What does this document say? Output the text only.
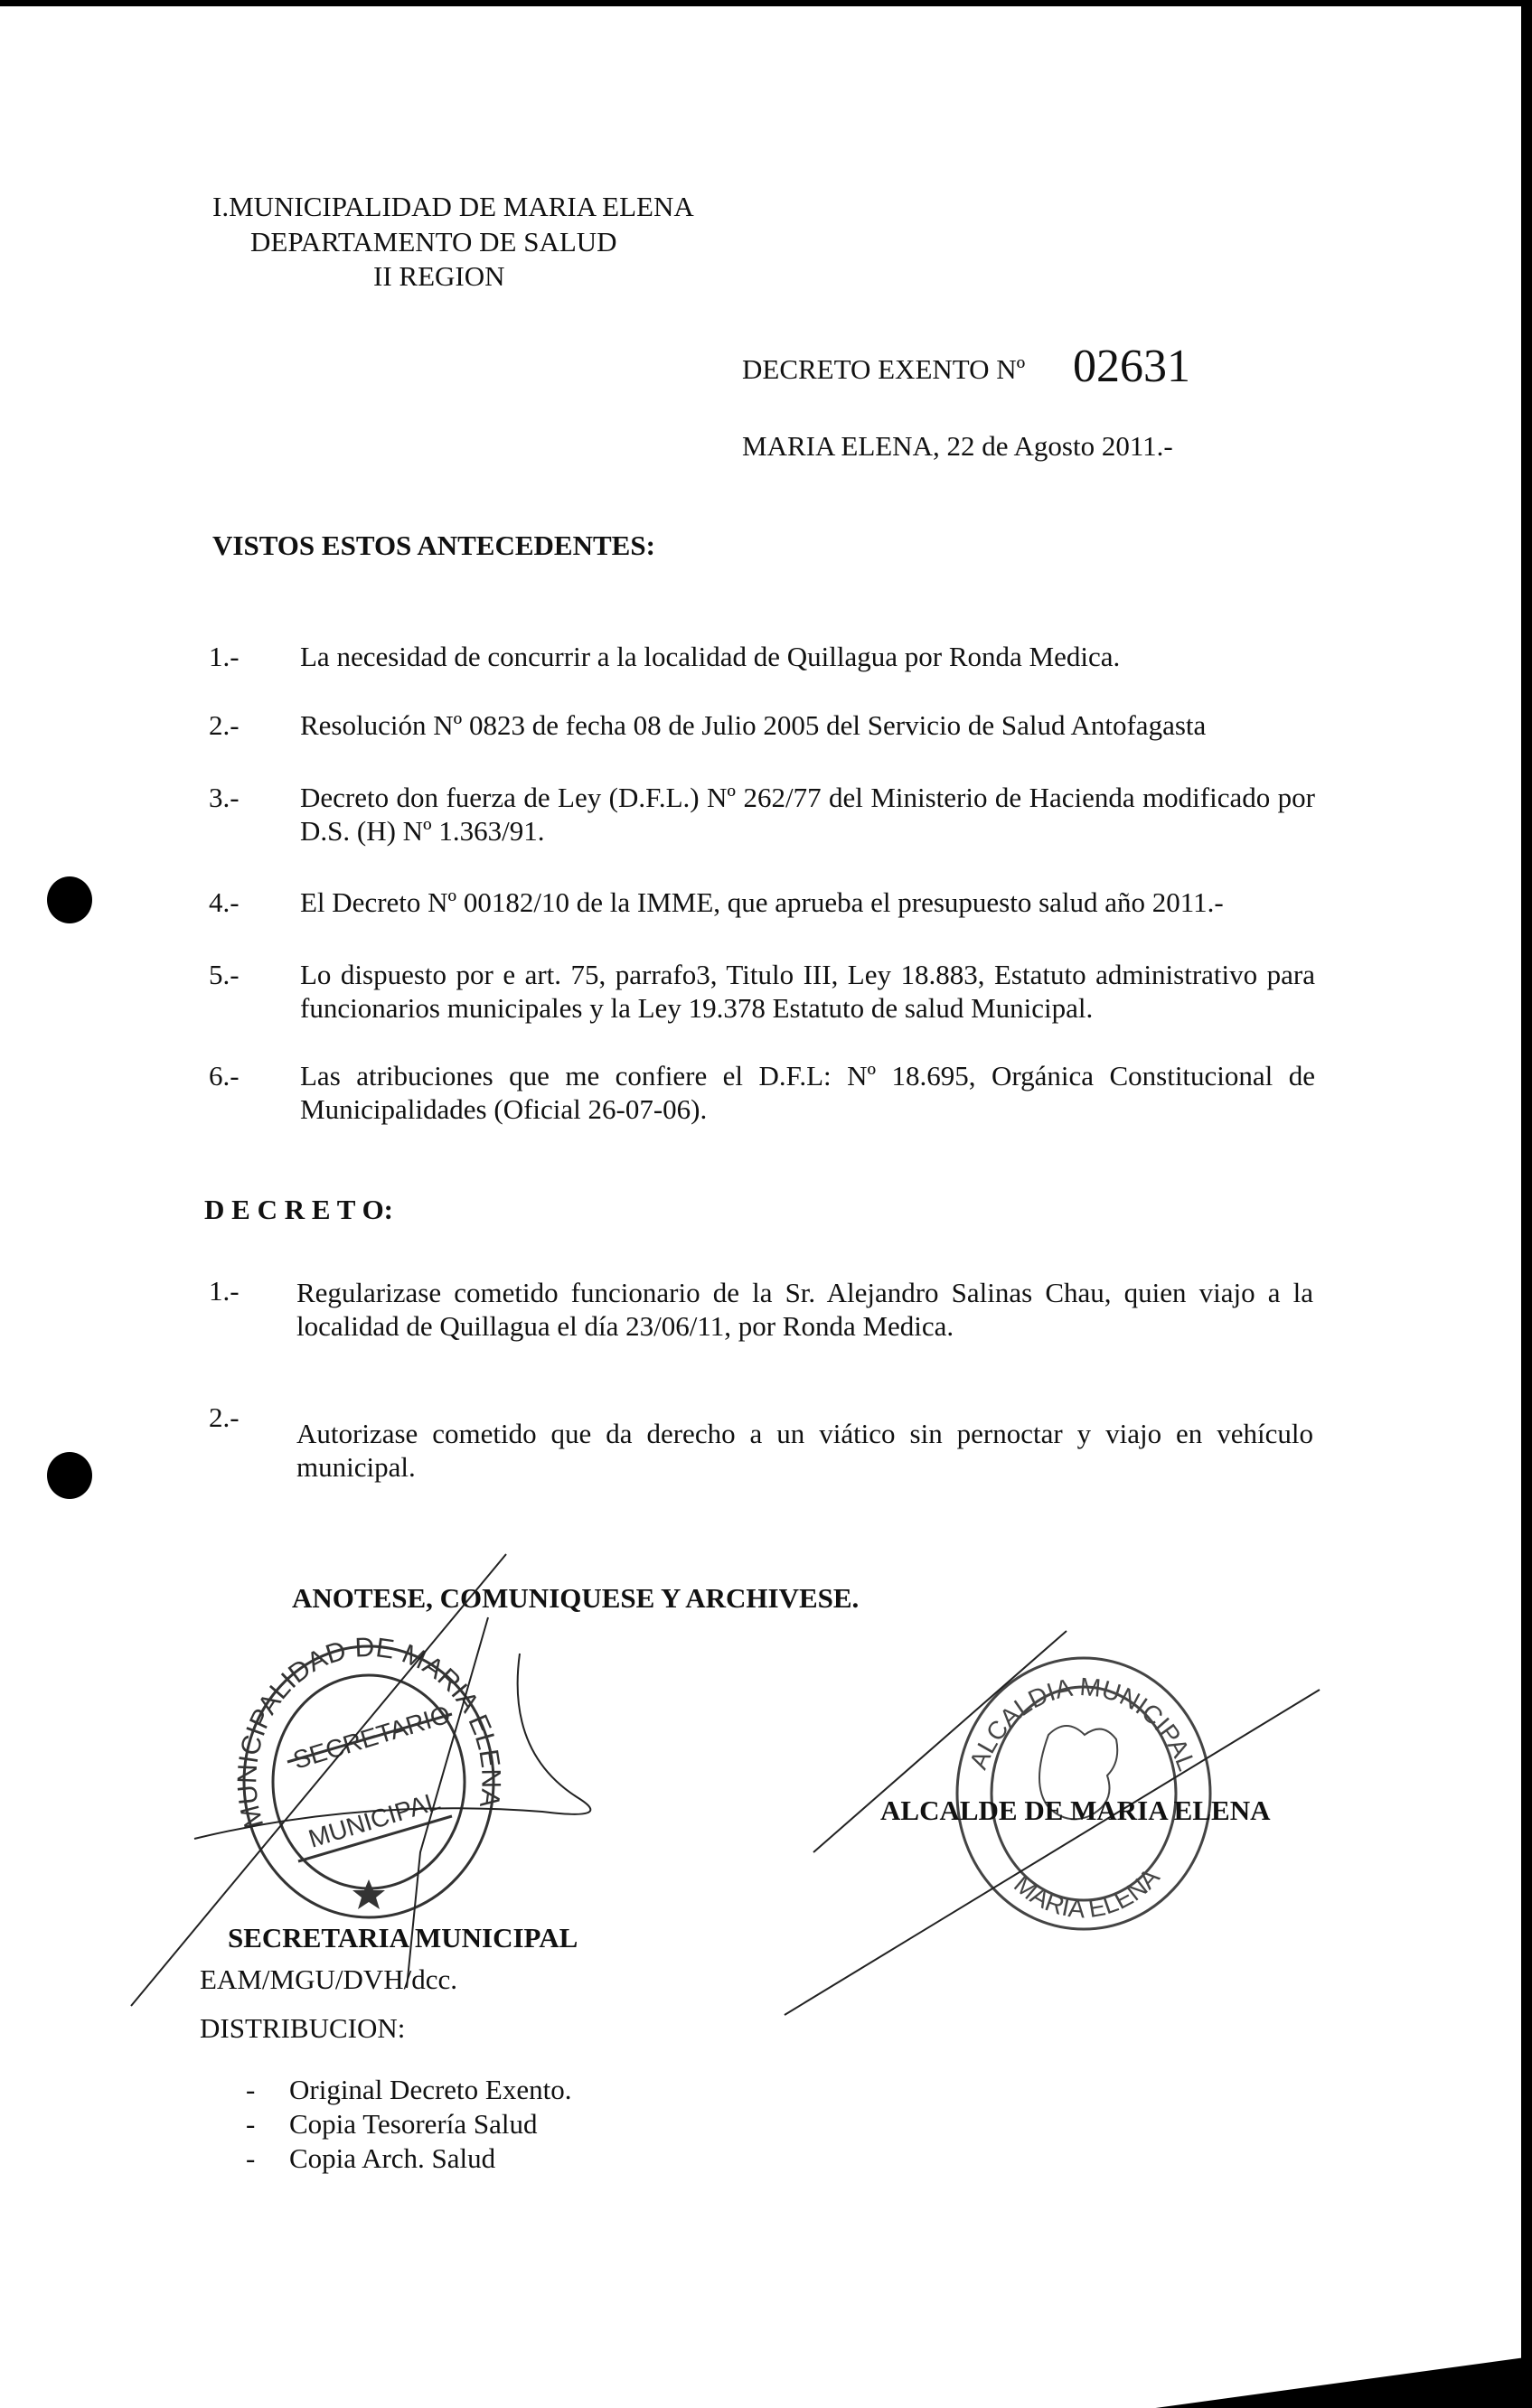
I.MUNICIPALIDAD DE MARIA ELENA
DEPARTAMENTO DE SALUD
II REGION
DECRETO EXENTO Nº 02631
MARIA ELENA, 22 de Agosto 2011.-
VISTOS ESTOS ANTECEDENTES:
1.- La necesidad de concurrir a la localidad de Quillagua por Ronda Medica.
2.- Resolución Nº 0823 de fecha 08 de Julio 2005 del Servicio de Salud Antofagasta
3.- Decreto don fuerza de Ley (D.F.L.) Nº 262/77 del Ministerio de Hacienda modificado por D.S. (H) Nº 1.363/91.
4.- El Decreto Nº 00182/10 de la IMME, que aprueba el presupuesto salud año 2011.-
5.- Lo dispuesto por e art. 75, parrafo3, Titulo III, Ley 18.883, Estatuto administrativo para funcionarios municipales y la Ley 19.378 Estatuto de salud Municipal.
6.- Las atribuciones que me confiere el D.F.L: Nº 18.695, Orgánica Constitucional de Municipalidades (Oficial 26-07-06).
D E C R E T O:
1.- Regularizase cometido funcionario de la Sr. Alejandro Salinas Chau, quien viajo a la localidad de Quillagua el día 23/06/11, por Ronda Medica.
2.-
Autorizase cometido que da derecho a un viático sin pernoctar y viajo en vehículo municipal.
ANOTESE, COMUNIQUESE Y ARCHIVESE.
MUNICIPALIDAD DE MARIA ELENA
SECRETARIO
MUNICIPAL
ALCALDIA MUNICIPAL
MARIA ELENA
SECRETARIA MUNICIPAL
ALCALDE DE MARIA ELENA
EAM/MGU/DVH/dcc.
DISTRIBUCION:
- Original Decreto Exento.
- Copia Tesorería Salud
- Copia Arch. Salud
